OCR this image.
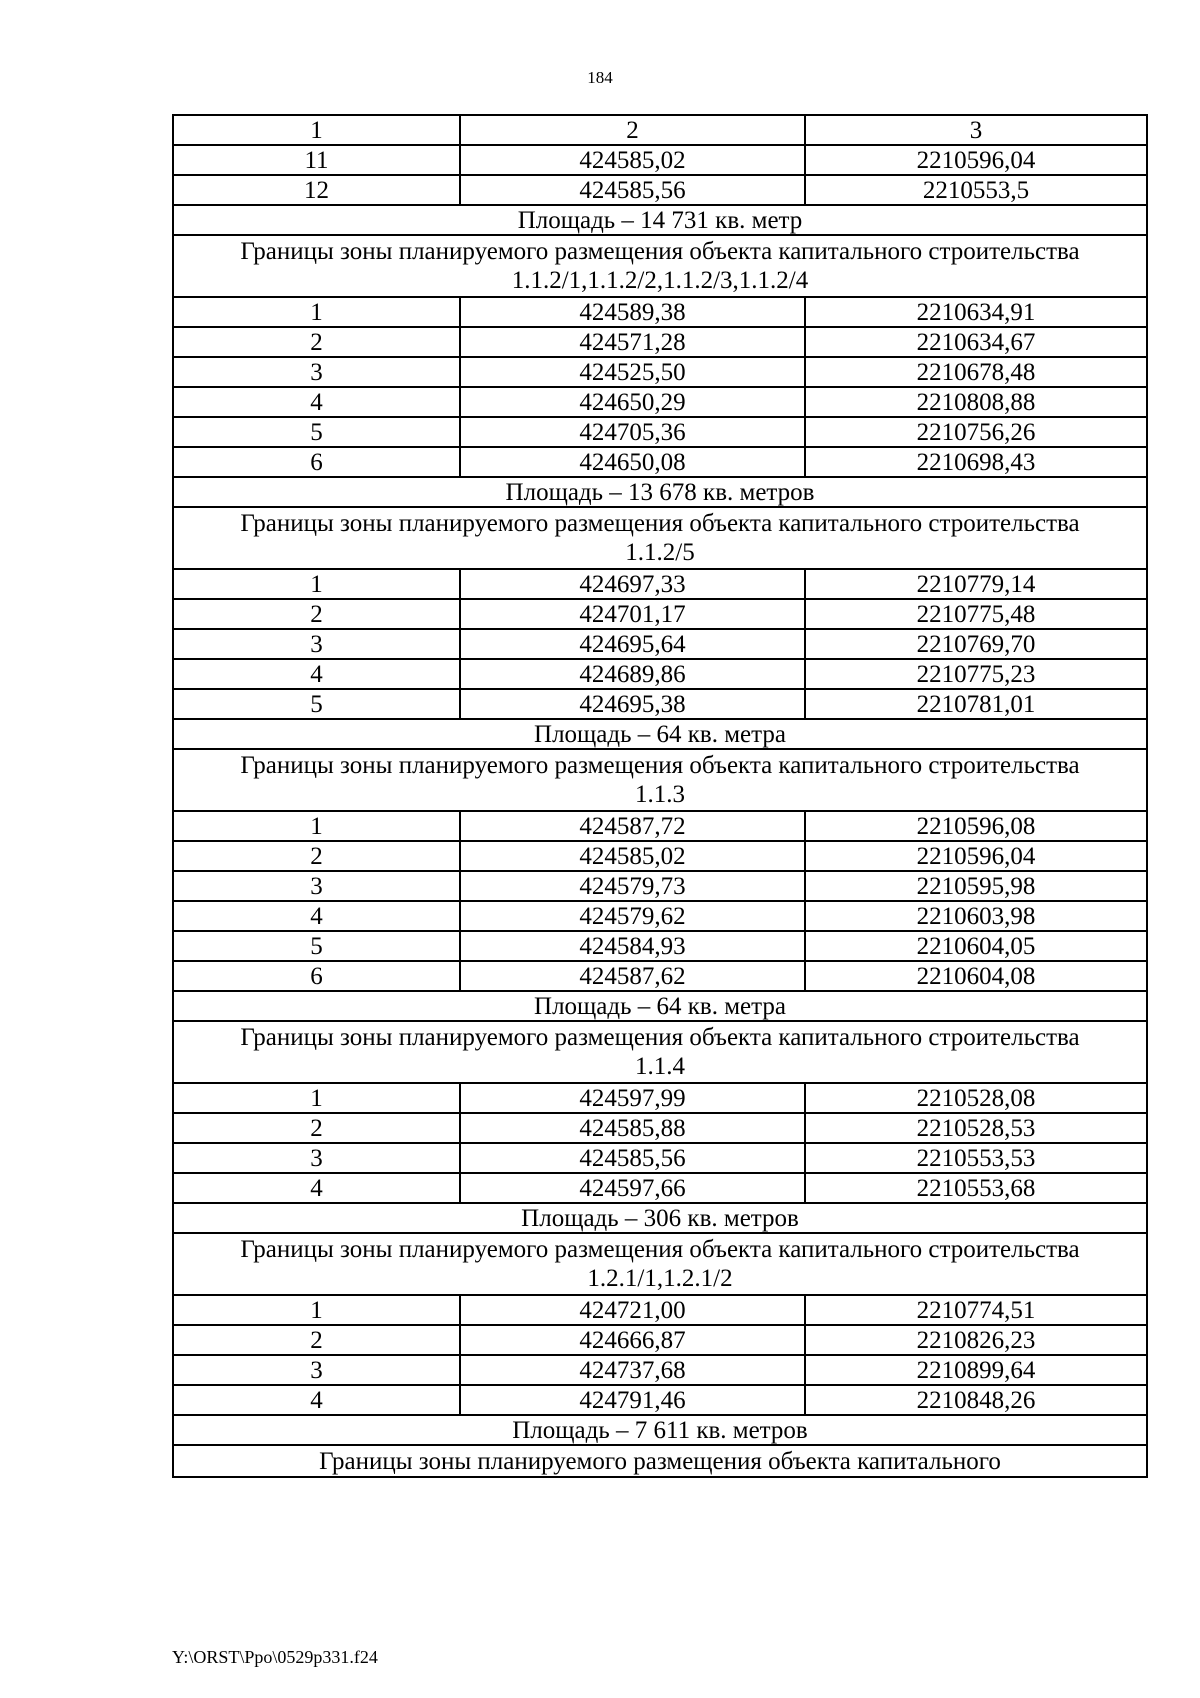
184
1	2	3
11	424585,02	2210596,04
12	424585,56	2210553,5
Площадь – 14 731 кв. метр		
Границы зоны планируемого размещения объекта капитального строительства 1.1.2/1,1.1.2/2,1.1.2/3,1.1.2/4		
1	424589,38	2210634,91
2	424571,28	2210634,67
3	424525,50	2210678,48
4	424650,29	2210808,88
5	424705,36	2210756,26
6	424650,08	2210698,43
Площадь – 13 678 кв. метров		
Границы зоны планируемого размещения объекта капитального строительства 1.1.2/5		
1	424697,33	2210779,14
2	424701,17	2210775,48
3	424695,64	2210769,70
4	424689,86	2210775,23
5	424695,38	2210781,01
Площадь – 64 кв. метра		
Границы зоны планируемого размещения объекта капитального строительства 1.1.3		
1	424587,72	2210596,08
2	424585,02	2210596,04
3	424579,73	2210595,98
4	424579,62	2210603,98
5	424584,93	2210604,05
6	424587,62	2210604,08
Площадь – 64 кв. метра		
Границы зоны планируемого размещения объекта капитального строительства 1.1.4		
1	424597,99	2210528,08
2	424585,88	2210528,53
3	424585,56	2210553,53
4	424597,66	2210553,68
Площадь – 306 кв. метров		
Границы зоны планируемого размещения объекта капитального строительства 1.2.1/1,1.2.1/2		
1	424721,00	2210774,51
2	424666,87	2210826,23
3	424737,68	2210899,64
4	424791,46	2210848,26
Площадь – 7 611 кв. метров		
Границы зоны планируемого размещения объекта капитального		
Y:\ORST\Ppo\0529p331.f24
